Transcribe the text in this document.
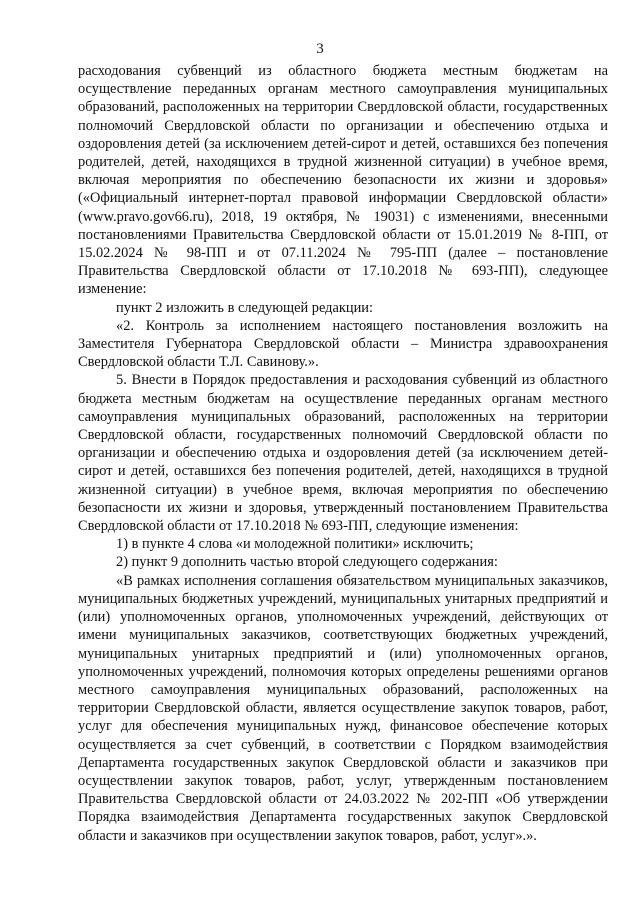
3

расходования субвенций из областного бюджета местным бюджетам на осуществление переданных органам местного самоуправления муниципальных образований, расположенных на территории Свердловской области, государственных полномочий Свердловской области по организации и обеспечению отдыха и оздоровления детей (за исключением детей-сирот и детей, оставшихся без попечения родителей, детей, находящихся в трудной жизненной ситуации) в учебное время, включая мероприятия по обеспечению безопасности их жизни и здоровья» («Официальный интернет-портал правовой информации Свердловской области» (www.pravo.gov66.ru), 2018, 19 октября, № 19031) с изменениями, внесенными постановлениями Правительства Свердловской области от 15.01.2019 № 8-ПП, от 15.02.2024 № 98-ПП и от 07.11.2024 № 795-ПП (далее – постановление Правительства Свердловской области от 17.10.2018 № 693-ПП), следующее изменение:

пункт 2 изложить в следующей редакции:

«2. Контроль за исполнением настоящего постановления возложить на Заместителя Губернатора Свердловской области – Министра здравоохранения Свердловской области Т.Л. Савинову.».

5. Внести в Порядок предоставления и расходования субвенций из областного бюджета местным бюджетам на осуществление переданных органам местного самоуправления муниципальных образований, расположенных на территории Свердловской области, государственных полномочий Свердловской области по организации и обеспечению отдыха и оздоровления детей (за исключением детей-сирот и детей, оставшихся без попечения родителей, детей, находящихся в трудной жизненной ситуации) в учебное время, включая мероприятия по обеспечению безопасности их жизни и здоровья, утвержденный постановлением Правительства Свердловской области от 17.10.2018 № 693-ПП, следующие изменения:

1) в пункте 4 слова «и молодежной политики» исключить;

2) пункт 9 дополнить частью второй следующего содержания:

«В рамках исполнения соглашения обязательством муниципальных заказчиков, муниципальных бюджетных учреждений, муниципальных унитарных предприятий и (или) уполномоченных органов, уполномоченных учреждений, действующих от имени муниципальных заказчиков, соответствующих бюджетных учреждений, муниципальных унитарных предприятий и (или) уполномоченных органов, уполномоченных учреждений, полномочия которых определены решениями органов местного самоуправления муниципальных образований, расположенных на территории Свердловской области, является осуществление закупок товаров, работ, услуг для обеспечения муниципальных нужд, финансовое обеспечение которых осуществляется за счет субвенций, в соответствии с Порядком взаимодействия Департамента государственных закупок Свердловской области и заказчиков при осуществлении закупок товаров, работ, услуг, утвержденным постановлением Правительства Свердловской области от 24.03.2022 № 202-ПП «Об утверждении Порядка взаимодействия Департамента государственных закупок Свердловской области и заказчиков при осуществлении закупок товаров, работ, услуг».».
